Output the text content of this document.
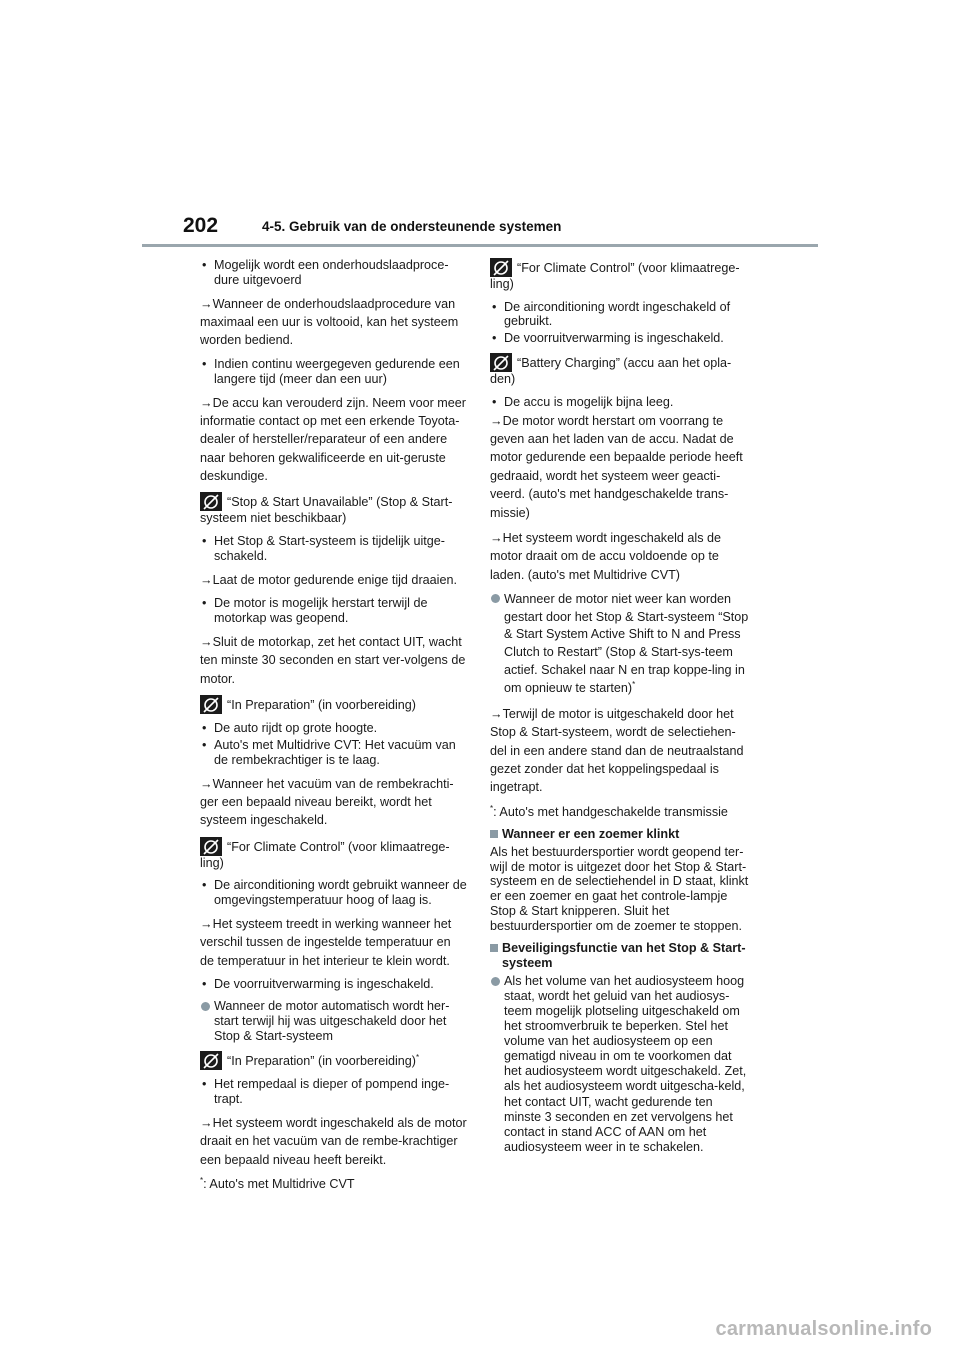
202	4-5. Gebruik van de ondersteunende systemen
• Mogelijk wordt een onderhoudslaadproce-dure uitgevoerd
→Wanneer de onderhoudslaadprocedure van maximaal een uur is voltooid, kan het systeem worden bediend.
• Indien continu weergegeven gedurende een langere tijd (meer dan een uur)
→De accu kan verouderd zijn. Neem voor meer informatie contact op met een erkende Toyota-dealer of hersteller/reparateur of een andere naar behoren gekwalificeerde en uit-geruste deskundige.
“Stop & Start Unavailable” (Stop & Start-systeem niet beschikbaar)
• Het Stop & Start-systeem is tijdelijk uitge-schakeld.
→Laat de motor gedurende enige tijd draaien.
• De motor is mogelijk herstart terwijl de motorkap was geopend.
→Sluit de motorkap, zet het contact UIT, wacht ten minste 30 seconden en start ver-volgens de motor.
“In Preparation” (in voorbereiding)
• De auto rijdt op grote hoogte.
• Auto's met Multidrive CVT: Het vacuüm van de rembekrachtiger is te laag.
→Wanneer het vacuüm van de rembekrachti-ger een bepaald niveau bereikt, wordt het systeem ingeschakeld.
“For Climate Control” (voor klimaatrege-ling)
• De airconditioning wordt gebruikt wanneer de omgevingstemperatuur hoog of laag is.
→Het systeem treedt in werking wanneer het verschil tussen de ingestelde temperatuur en de temperatuur in het interieur te klein wordt.
• De voorruitverwarming is ingeschakeld.
Wanneer de motor automatisch wordt her-start terwijl hij was uitgeschakeld door het Stop & Start-systeem
“In Preparation” (in voorbereiding)*
• Het rempedaal is dieper of pompend inge-trapt.
→Het systeem wordt ingeschakeld als de motor draait en het vacuüm van de rembe-krachtiger een bepaald niveau heeft bereikt.
*: Auto's met Multidrive CVT
“For Climate Control” (voor klimaatrege-ling)
• De airconditioning wordt ingeschakeld of gebruikt.
• De voorruitverwarming is ingeschakeld.
“Battery Charging” (accu aan het opla-den)
• De accu is mogelijk bijna leeg.
→De motor wordt herstart om voorrang te geven aan het laden van de accu. Nadat de motor gedurende een bepaalde periode heeft gedraaid, wordt het systeem weer geacti-veerd. (auto's met handgeschakelde trans-missie)
→Het systeem wordt ingeschakeld als de motor draait om de accu voldoende op te laden. (auto's met Multidrive CVT)
Wanneer de motor niet weer kan worden gestart door het Stop & Start-systeem “Stop & Start System Active Shift to N and Press Clutch to Restart” (Stop & Start-sys-teem actief. Schakel naar N en trap koppe-ling in om opnieuw te starten)*
→Terwijl de motor is uitgeschakeld door het Stop & Start-systeem, wordt de selectiehen-del in een andere stand dan de neutraalstand gezet zonder dat het koppelingspedaal is ingetrapt.
*: Auto's met handgeschakelde transmissie
Wanneer er een zoemer klinkt
Als het bestuurdersportier wordt geopend ter-wijl de motor is uitgezet door het Stop & Start-systeem en de selectiehendel in D staat, klinkt er een zoemer en gaat het controle-lampje Stop & Start knipperen. Sluit het bestuurdersportier om de zoemer te stoppen.
Beveiligingsfunctie van het Stop & Start-systeem
Als het volume van het audiosysteem hoog staat, wordt het geluid van het audiosys-teem mogelijk plotseling uitgeschakeld om het stroomverbruik te beperken. Stel het volume van het audiosysteem op een gematigd niveau in om te voorkomen dat het audiosysteem wordt uitgeschakeld. Zet, als het audiosysteem wordt uitgescha-keld, het contact UIT, wacht gedurende ten minste 3 seconden en zet vervolgens het contact in stand ACC of AAN om het audiosysteem weer in te schakelen.
carmanualsonline.info
